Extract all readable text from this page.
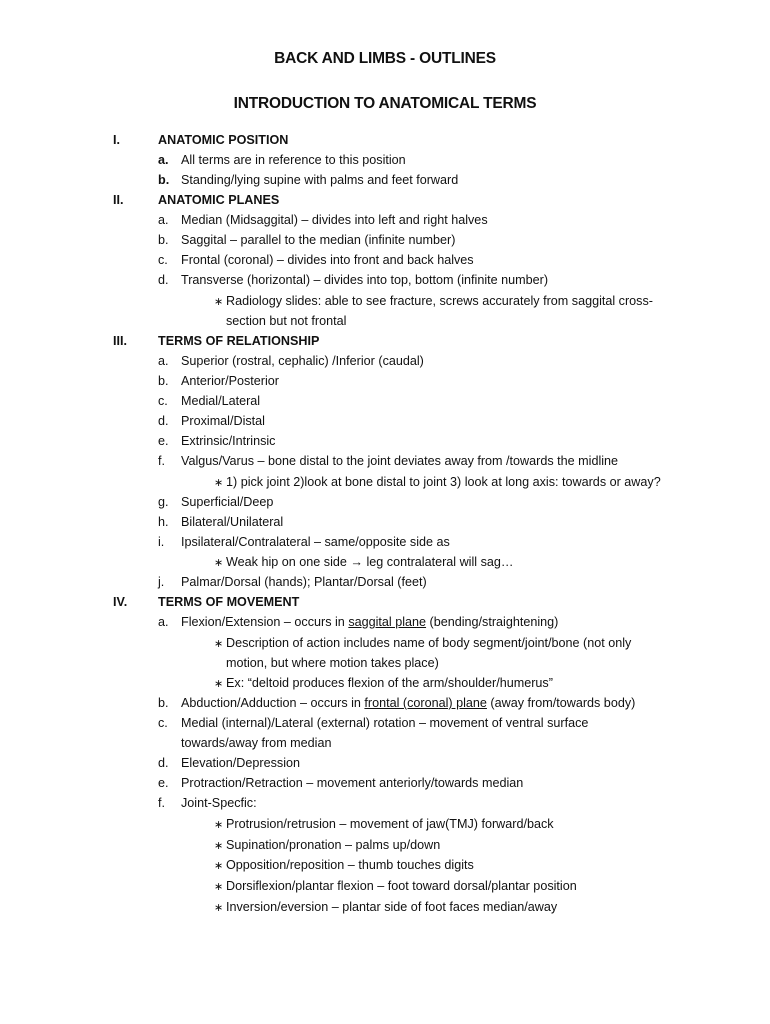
BACK AND LIMBS - OUTLINES
INTRODUCTION TO ANATOMICAL TERMS
I.	ANATOMIC POSITION
a. All terms are in reference to this position
b. Standing/lying supine with palms and feet forward
II.	ANATOMIC PLANES
a. Median (Midsaggital) – divides into left and right halves
b. Saggital – parallel to the median (infinite number)
c. Frontal (coronal) – divides into front and back halves
d. Transverse (horizontal) – divides into top, bottom (infinite number)
∗ Radiology slides: able to see fracture, screws accurately from saggital cross-
section but not frontal
III. TERMS OF RELATIONSHIP
a. Superior (rostral, cephalic) /Inferior (caudal)
b. Anterior/Posterior
c. Medial/Lateral
d. Proximal/Distal
e. Extrinsic/Intrinsic
f. Valgus/Varus – bone distal to the joint deviates away from /towards the midline
∗ 1) pick joint 2)look at bone distal to joint 3) look at long axis: towards or away?
g. Superficial/Deep
h. Bilateral/Unilateral
i. Ipsilateral/Contralateral – same/opposite side as
∗ Weak hip on one side → leg contralateral will sag…
j. Palmar/Dorsal (hands); Plantar/Dorsal (feet)
IV. TERMS OF MOVEMENT
a. Flexion/Extension – occurs in saggital plane (bending/straightening)
∗ Description of action includes name of body segment/joint/bone (not only
motion, but where motion takes place)
∗ Ex: “deltoid produces flexion of the arm/shoulder/humerus”
b. Abduction/Adduction – occurs in frontal (coronal) plane (away from/towards body)
c. Medial (internal)/Lateral (external) rotation – movement of ventral surface
towards/away from median
d. Elevation/Depression
e. Protraction/Retraction – movement anteriorly/towards median
f. Joint-Specfic:
∗ Protrusion/retrusion – movement of jaw(TMJ) forward/back
∗ Supination/pronation – palms up/down
∗ Opposition/reposition – thumb touches digits
∗ Dorsiflexion/plantar flexion – foot toward dorsal/plantar position
∗ Inversion/eversion – plantar side of foot faces median/away
